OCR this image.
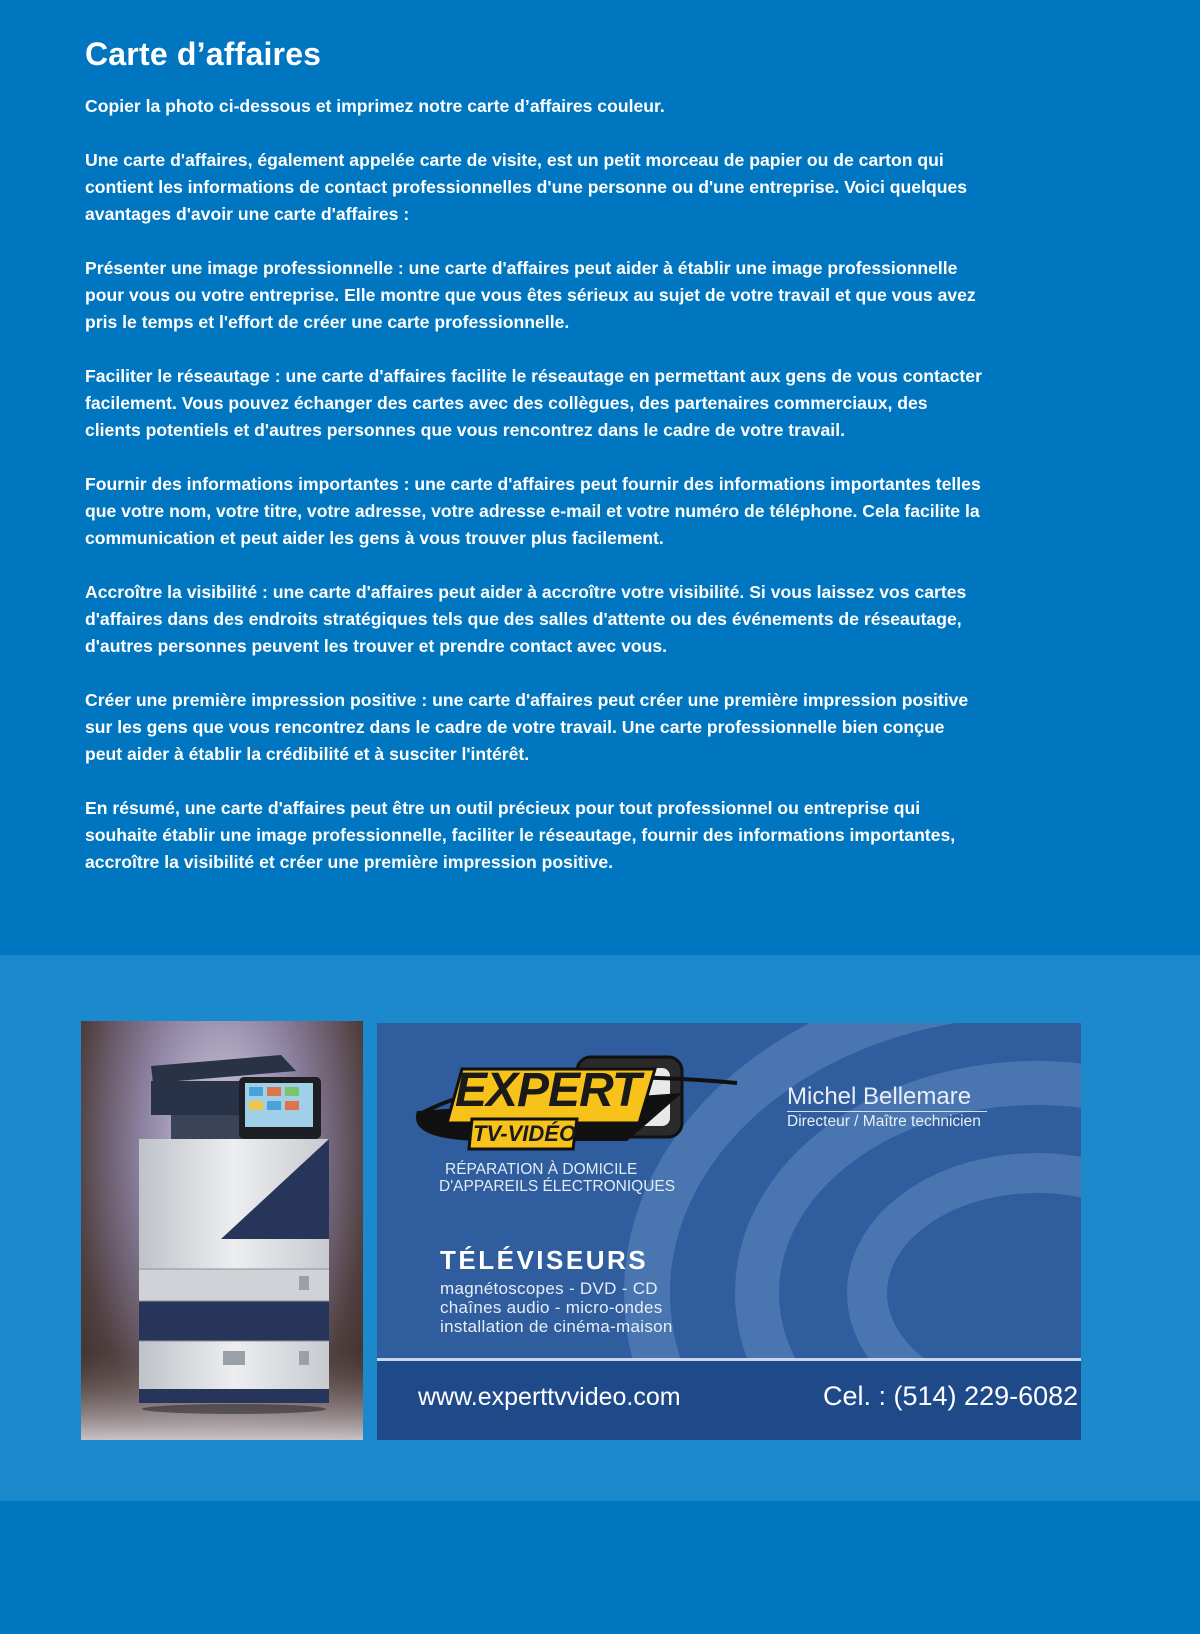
Carte d’affaires

Copier la photo ci-dessous et imprimez notre carte d’affaires couleur.

Une carte d'affaires, également appelée carte de visite, est un petit morceau de papier ou de carton qui contient les informations de contact professionnelles d'une personne ou d'une entreprise. Voici quelques avantages d'avoir une carte d'affaires :

Présenter une image professionnelle : une carte d'affaires peut aider à établir une image professionnelle pour vous ou votre entreprise. Elle montre que vous êtes sérieux au sujet de votre travail et que vous avez pris le temps et l'effort de créer une carte professionnelle.

Faciliter le réseautage : une carte d'affaires facilite le réseautage en permettant aux gens de vous contacter facilement. Vous pouvez échanger des cartes avec des collègues, des partenaires commerciaux, des clients potentiels et d'autres personnes que vous rencontrez dans le cadre de votre travail.

Fournir des informations importantes : une carte d'affaires peut fournir des informations importantes telles que votre nom, votre titre, votre adresse, votre adresse e-mail et votre numéro de téléphone. Cela facilite la communication et peut aider les gens à vous trouver plus facilement.

Accroître la visibilité : une carte d'affaires peut aider à accroître votre visibilité. Si vous laissez vos cartes d'affaires dans des endroits stratégiques tels que des salles d'attente ou des événements de réseautage, d'autres personnes peuvent les trouver et prendre contact avec vous.

Créer une première impression positive : une carte d'affaires peut créer une première impression positive sur les gens que vous rencontrez dans le cadre de votre travail. Une carte professionnelle bien conçue peut aider à établir la crédibilité et à susciter l'intérêt.

En résumé, une carte d'affaires peut être un outil précieux pour tout professionnel ou entreprise qui souhaite établir une image professionnelle, faciliter le réseautage, fournir des informations importantes, accroître la visibilité et créer une première impression positive.

EXPERT
TV-VIDÉO
RÉPARATION À DOMICILE
D'APPAREILS ÉLECTRONIQUES
Michel Bellemare
Directeur / Maître technicien
TÉLÉVISEURS
magnétoscopes - DVD - CD
chaînes audio - micro-ondes
installation de cinéma-maison
www.experttvvideo.com	Cel. : (514) 229-6082
